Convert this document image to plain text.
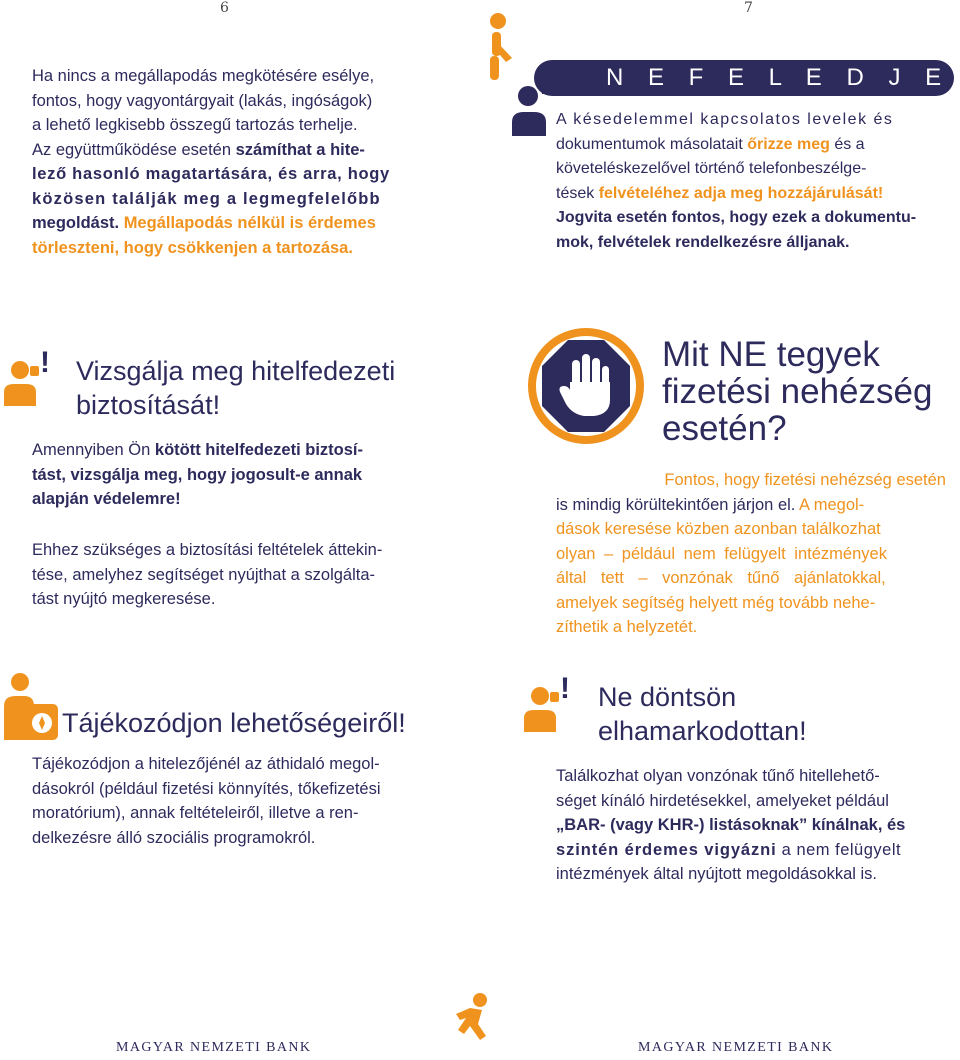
6	7

Ha nincs a megállapodás megkötésére esélye,

fontos, hogy vagyontárgyait (lakás, ingóságok)

a lehető legkisebb összegű tartozás terhelje.

Az együttműködése esetén számíthat a hite-

lező hasonló magatartására, és arra, hogy

közösen találják meg a legmegfelelőbb

megoldást. Megállapodás nélkül is érdemes

törleszteni, hogy csökkenjen a tartozása.

N E F E L E D J E !

A késedelemmel kapcsolatos levelek és

dokumentumok másolatait őrizze meg és a

követeléskezelővel történő telefonbeszélge-

tések felvételéhez adja meg hozzájárulását!

Jogvita esetén fontos, hogy ezek a dokumentu-

mok, felvételek rendelkezésre álljanak.

! Vizsgálja meg hitelfedezeti
biztosítását!

Amennyiben Ön kötött hitelfedezeti biztosí-

tást, vizsgálja meg, hogy jogosult-e annak

alapján védelemre!

Ehhez szükséges a biztosítási feltételek áttekin-

tése, amelyhez segítséget nyújthat a szolgálta-

tást nyújtó megkeresése.

Mit NE tegyek
fizetési nehézség
esetén?

Fontos, hogy fizetési nehézség esetén

is mindig körültekintően járjon el. A megol-

dások keresése közben azonban találkozhat

olyan – például nem felügyelt intézmények

által tett – vonzónak tűnő ajánlatokkal,

amelyek segítség helyett még tovább nehe-

zíthetik a helyzetét.

Tájékozódjon lehetőségeiről!

Tájékozódjon a hitelezőjénél az áthidaló megol-

dásokról (például fizetési könnyítés, tőkefizetési

moratórium), annak feltételeiről, illetve a ren-

delkezésre álló szociális programokról.

! Ne döntsön
elhamarkodottan!

Találkozhat olyan vonzónak tűnő hitellehető-

séget kínáló hirdetésekkel, amelyeket például

„BAR- (vagy KHR-) listásoknak” kínálnak, és

szintén érdemes vigyázni a nem felügyelt

intézmények által nyújtott megoldásokkal is.

MAGYAR NEMZETI BANK	MAGYAR NEMZETI BANK
